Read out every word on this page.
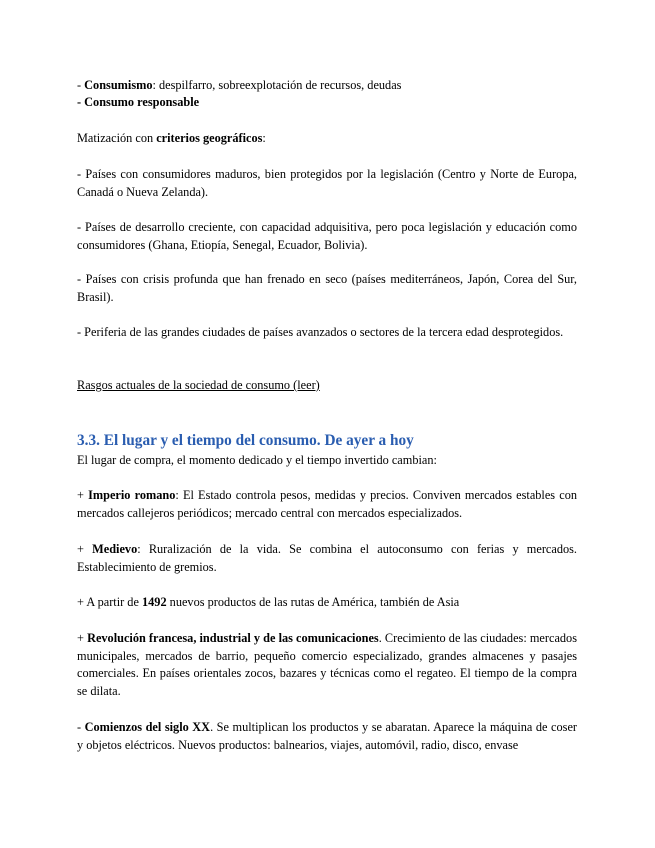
- Consumismo: despilfarro, sobreexplotación de recursos, deudas

- Consumo responsable

Matización con criterios geográficos:

- Países con consumidores maduros, bien protegidos por la legislación (Centro y Norte de Europa, Canadá o Nueva Zelanda).

- Países de desarrollo creciente, con capacidad adquisitiva, pero poca legislación y educación como consumidores (Ghana, Etiopía, Senegal, Ecuador, Bolivia).

- Países con crisis profunda que han frenado en seco (países mediterráneos, Japón, Corea del Sur, Brasil).

- Periferia de las grandes ciudades de países avanzados o sectores de la tercera edad desprotegidos.

Rasgos actuales de la sociedad de consumo (leer)

3.3. El lugar y el tiempo del consumo. De ayer a hoy

El lugar de compra, el momento dedicado y el tiempo invertido cambian:

+ Imperio romano: El Estado controla pesos, medidas y precios. Conviven mercados estables con mercados callejeros periódicos; mercado central con mercados especializados.

+ Medievo: Ruralización de la vida. Se combina el autoconsumo con ferias y mercados. Establecimiento de gremios.

+ A partir de 1492 nuevos productos de las rutas de América, también de Asia

+ Revolución francesa, industrial y de las comunicaciones. Crecimiento de las ciudades: mercados municipales, mercados de barrio, pequeño comercio especializado, grandes almacenes y pasajes comerciales. En países orientales zocos, bazares y técnicas como el regateo. El tiempo de la compra se dilata.

- Comienzos del siglo XX. Se multiplican los productos y se abaratan. Aparece la máquina de coser y objetos eléctricos. Nuevos productos: balnearios, viajes, automóvil, radio, disco, envase
